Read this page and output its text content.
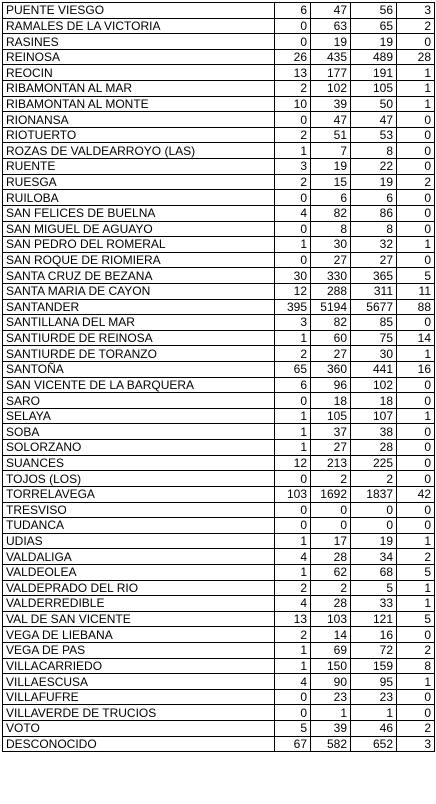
PUENTE VIESGO	6	47	56	3
RAMALES DE LA VICTORIA	0	63	65	2
RASINES	0	19	19	0
REINOSA	26	435	489	28
REOCIN	13	177	191	1
RIBAMONTAN AL MAR	2	102	105	1
RIBAMONTAN AL MONTE	10	39	50	1
RIONANSA	0	47	47	0
RIOTUERTO	2	51	53	0
ROZAS DE VALDEARROYO (LAS)	1	7	8	0
RUENTE	3	19	22	0
RUESGA	2	15	19	2
RUILOBA	0	6	6	0
SAN FELICES DE BUELNA	4	82	86	0
SAN MIGUEL DE AGUAYO	0	8	8	0
SAN PEDRO DEL ROMERAL	1	30	32	1
SAN ROQUE DE RIOMIERA	0	27	27	0
SANTA CRUZ DE BEZANA	30	330	365	5
SANTA MARIA DE CAYON	12	288	311	11
SANTANDER	395	5194	5677	88
SANTILLANA DEL MAR	3	82	85	0
SANTIURDE DE REINOSA	1	60	75	14
SANTIURDE DE TORANZO	2	27	30	1
SANTOÑA	65	360	441	16
SAN VICENTE DE LA BARQUERA	6	96	102	0
SARO	0	18	18	0
SELAYA	1	105	107	1
SOBA	1	37	38	0
SOLORZANO	1	27	28	0
SUANCES	12	213	225	0
TOJOS (LOS)	0	2	2	0
TORRELAVEGA	103	1692	1837	42
TRESVISO	0	0	0	0
TUDANCA	0	0	0	0
UDIAS	1	17	19	1
VALDALIGA	4	28	34	2
VALDEOLEA	1	62	68	5
VALDEPRADO DEL RIO	2	2	5	1
VALDERREDIBLE	4	28	33	1
VAL DE SAN VICENTE	13	103	121	5
VEGA DE LIEBANA	2	14	16	0
VEGA DE PAS	1	69	72	2
VILLACARRIEDO	1	150	159	8
VILLAESCUSA	4	90	95	1
VILLAFUFRE	0	23	23	0
VILLAVERDE DE TRUCIOS	0	1	1	0
VOTO	5	39	46	2
DESCONOCIDO	67	582	652	3
